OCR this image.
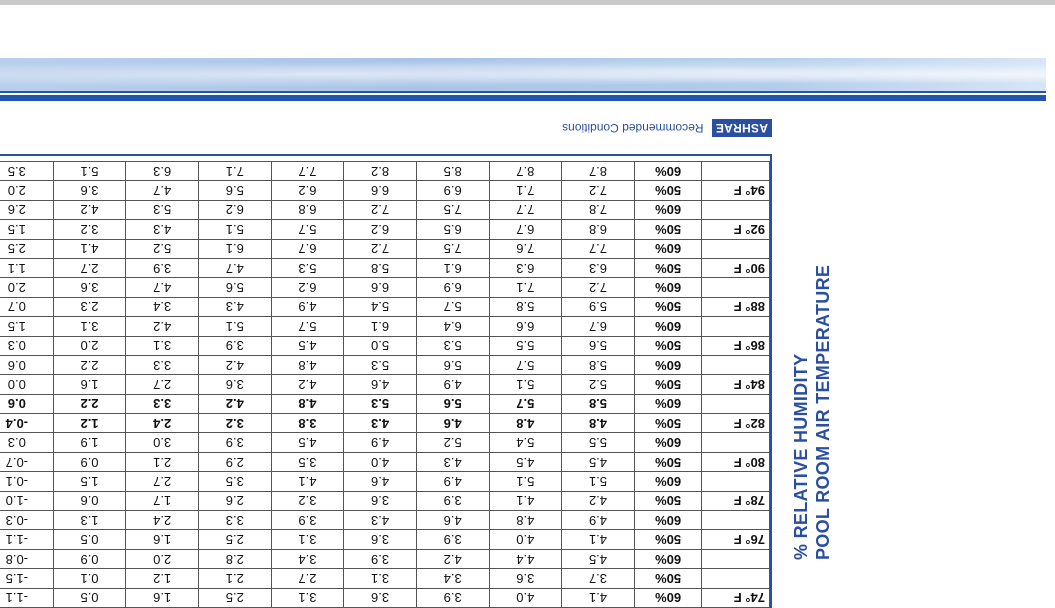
POOL ROOM AIR TEMPERATURE
% RELATIVE HUMIDITY
ASHRAE
Recommended Conditions
74° F	60%	4.1	4.0	3.9	3.6	3.1	2.5	1.6	0.5	-1.1
	50%	3.7	3.6	3.4	3.1	2.7	2.1	1.2	0.1	-1.5
	60%	4.5	4.4	4.2	3.9	3.4	2.8	2.0	0.9	-0.8
76° F	50%	4.1	4.0	3.9	3.6	3.1	2.5	1.6	0.5	-1.1
	60%	4.9	4.8	4.6	4.3	3.9	3.3	2.4	1.3	-0.3
78° F	50%	4.2	4.1	3.9	3.6	3.2	2.6	1.7	0.6	-1.0
	60%	5.1	5.1	4.9	4.6	4.1	3.5	2.7	1.5	-0.1
80° F	50%	4.5	4.5	4.3	4.0	3.5	2.9	2.1	0.9	-0.7
	60%	5.5	5.4	5.2	4.9	4.5	3.9	3.0	1.9	0.3
82° F	50%	4.8	4.8	4.6	4.3	3.8	3.2	2.4	1.2	-0.4
	60%	5.8	5.7	5.6	5.3	4.8	4.2	3.3	2.2	0.6
84° F	50%	5.2	5.1	4.9	4.6	4.2	3.6	2.7	1.6	0.0
	60%	5.8	5.7	5.6	5.3	4.8	4.2	3.3	2.2	0.6
86° F	50%	5.6	5.5	5.3	5.0	4.5	3.9	3.1	2.0	0.3
	60%	6.7	6.6	6.4	6.1	5.7	5.1	4.2	3.1	1.5
88° F	50%	5.9	5.8	5.7	5.4	4.9	4.3	3.4	2.3	0.7
	60%	7.2	7.1	6.9	6.6	6.2	5.6	4.7	3.6	2.0
90° F	50%	6.3	6.3	6.1	5.8	5.3	4.7	3.9	2.7	1.1
	60%	7.7	7.6	7.5	7.2	6.7	6.1	5.2	4.1	2.5
92° F	50%	6.8	6.7	6.5	6.2	5.7	5.1	4.3	3.2	1.5
	60%	7.8	7.7	7.5	7.2	6.8	6.2	5.3	4.2	2.6
94° F	50%	7.2	7.1	6.9	6.6	6.2	5.6	4.7	3.6	2.0
	60%	8.7	8.7	8.5	8.2	7.7	7.1	6.3	5.1	3.5
